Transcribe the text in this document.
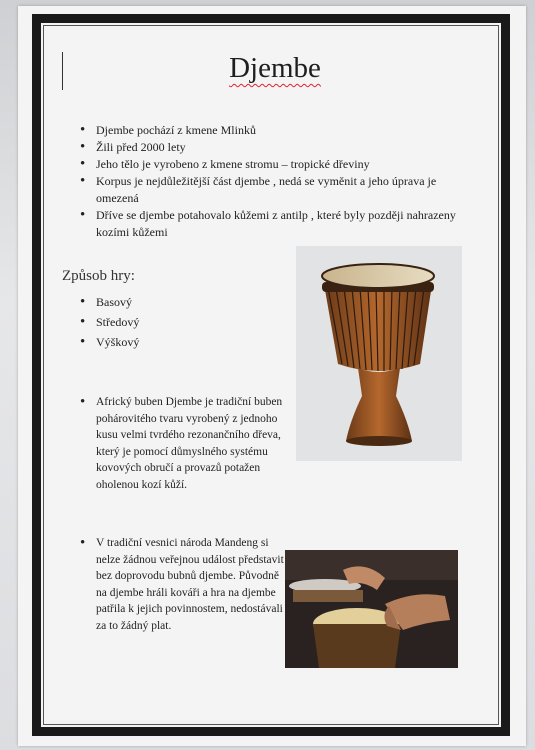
Djembe
• Djembe pochází z kmene Mlinků
• Žili před 2000 lety
• Jeho tělo je vyrobeno z kmene stromu – tropické dřeviny
• Korpus je nejdůležitější část djembe , nedá se vyměnit a jeho úprava je omezená
• Dříve se djembe potahovalo kůžemi z antilp , které byly později nahrazeny kozími kůžemi
Způsob hry:
• Basový
• Středový
• Výškový
• Africký buben Djembe je tradiční buben pohárovitého tvaru vyrobený z jednoho kusu velmi tvrdého rezonančního dřeva, který je pomocí důmyslného systému kovových obručí a provazů potažen oholenou kozí kůží.
• V tradiční vesnici národa Mandeng si nelze žádnou veřejnou událost představit bez doprovodu bubnů djembe. Původně na djembe hráli kováři a hra na djembe patřila k jejich povinnostem, nedostávali za to žádný plat.
